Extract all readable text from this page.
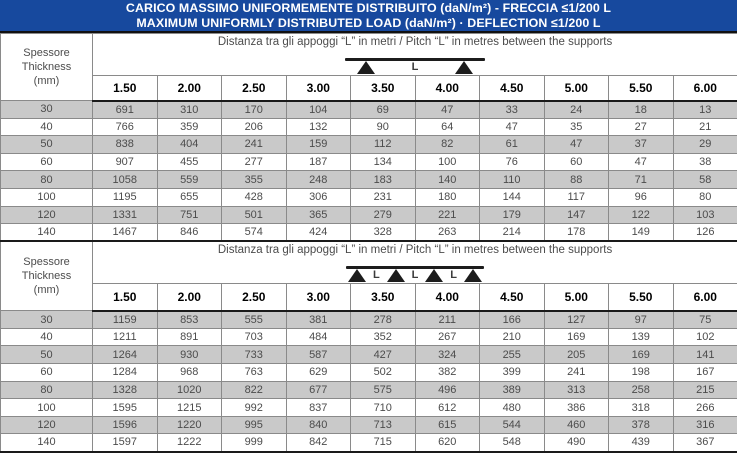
CARICO MASSIMO UNIFORMEMENTE DISTRIBUITO (daN/m²) - FRECCIA ≤1/200 L
MAXIMUM UNIFORMLY DISTRIBUTED LOAD (daN/m²) · DEFLECTION ≤1/200 L
Spessore
Thickness
(mm)

Distanza tra gli appoggi “L” in metri / Pitch “L” in metres between the supports
L

	1.50	2.00	2.50	3.00	3.50	4.00	4.50	5.00	5.50	6.00
30	691	310	170	104	69	47	33	24	18	13
40	766	359	206	132	90	64	47	35	27	21
50	838	404	241	159	112	82	61	47	37	29
60	907	455	277	187	134	100	76	60	47	38
80	1058	559	355	248	183	140	110	88	71	58
100	1195	655	428	306	231	180	144	117	96	80
120	1331	751	501	365	279	221	179	147	122	103
140	1467	846	574	424	328	263	214	178	149	126
Spessore
Thickness
(mm)

Distanza tra gli appoggi “L” in metri / Pitch “L” in metres between the supports
L	L	L

	1.50	2.00	2.50	3.00	3.50	4.00	4.50	5.00	5.50	6.00
30	1159	853	555	381	278	211	166	127	97	75
40	1211	891	703	484	352	267	210	169	139	102
50	1264	930	733	587	427	324	255	205	169	141
60	1284	968	763	629	502	382	399	241	198	167
80	1328	1020	822	677	575	496	389	313	258	215
100	1595	1215	992	837	710	612	480	386	318	266
120	1596	1220	995	840	713	615	544	460	378	316
140	1597	1222	999	842	715	620	548	490	439	367
